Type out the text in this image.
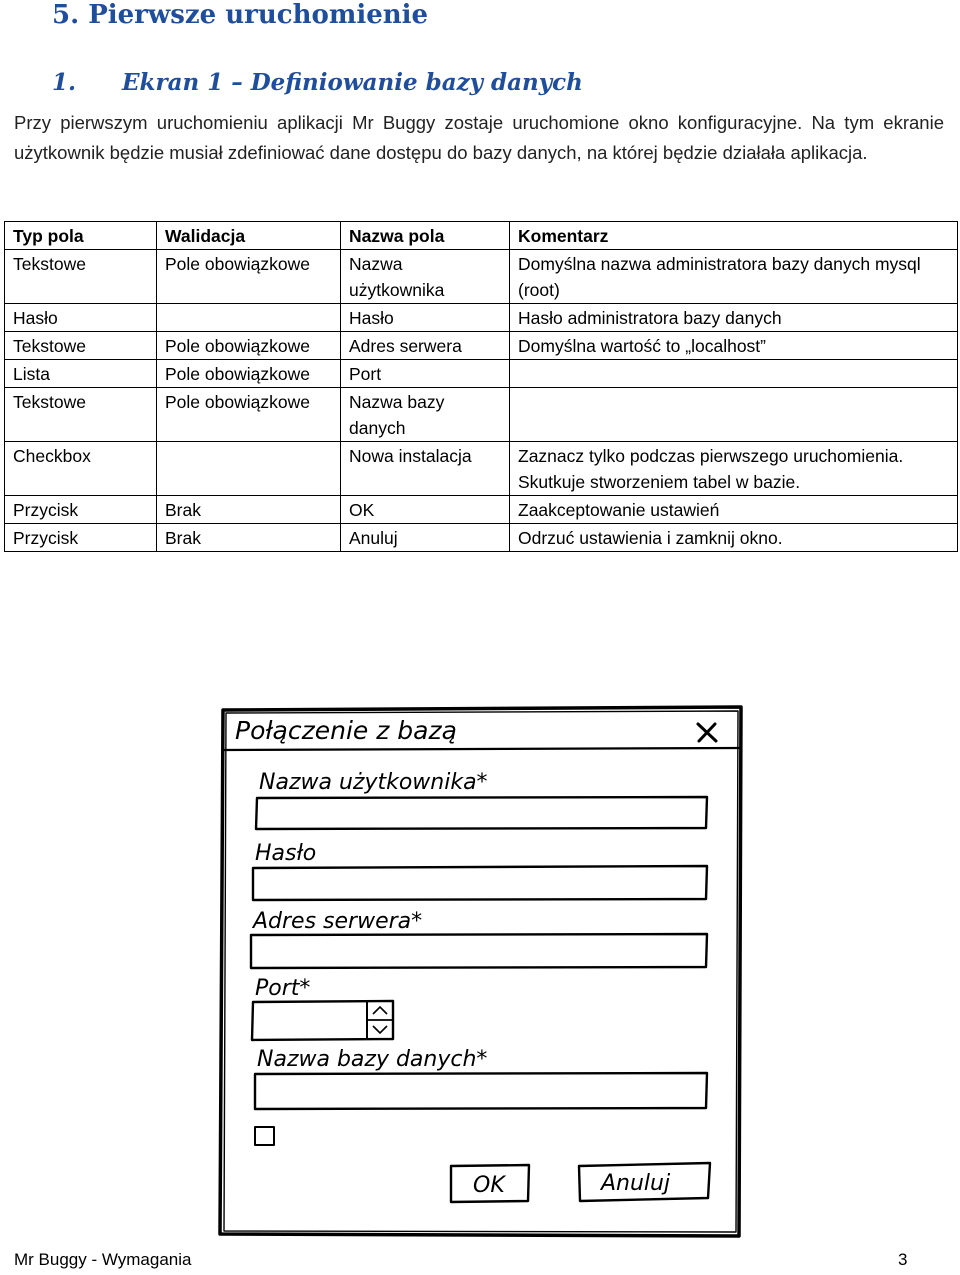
5. Pierwsze uruchomienie
1. Ekran 1 – Definiowanie bazy danych
Przy pierwszym uruchomieniu aplikacji Mr Buggy zostaje uruchomione okno konfiguracyjne. Na tym ekranie użytkownik będzie musiał zdefiniować dane dostępu do bazy danych, na której będzie działała aplikacja.
Typ pola	Walidacja	Nazwa pola	Komentarz
Tekstowe	Pole obowiązkowe	Nazwa użytkownika	Domyślna nazwa administratora bazy danych mysql (root)
Hasło		Hasło	Hasło administratora bazy danych
Tekstowe	Pole obowiązkowe	Adres serwera	Domyślna wartość to „localhost”
Lista	Pole obowiązkowe	Port	
Tekstowe	Pole obowiązkowe	Nazwa bazy danych	
Checkbox		Nowa instalacja	Zaznacz tylko podczas pierwszego uruchomienia. Skutkuje stworzeniem tabel w bazie.
Przycisk	Brak	OK	Zaakceptowanie ustawień
Przycisk	Brak	Anuluj	Odrzuć ustawienia i zamknij okno.
Połączenie z bazą
Nazwa użytkownika*
Hasło
Adres serwera*
Port*
Nazwa bazy danych*
OK	Anuluj
Mr Buggy - Wymagania	3
